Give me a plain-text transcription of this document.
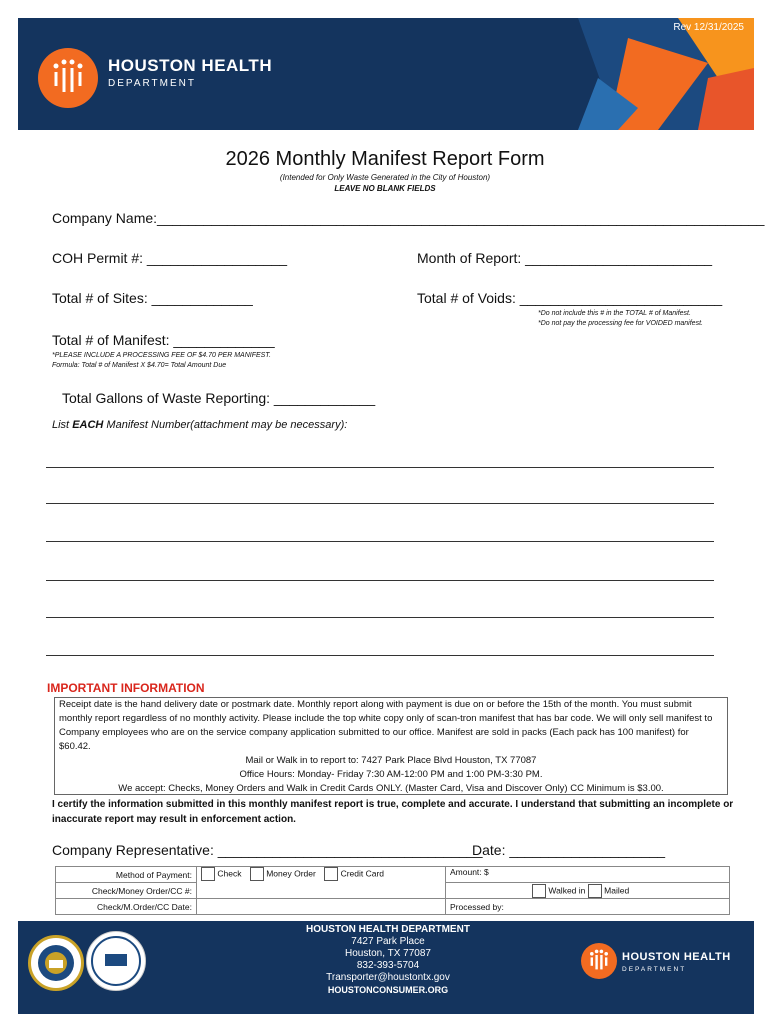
HOUSTON HEALTH
DEPARTMENT
Rev 12/31/2025
2026 Monthly Manifest Report Form
(Intended for Only Waste Generated in the City of Houston)
LEAVE NO BLANK FIELDS
Company Name:______________________________________________________________________________
COH Permit #: __________________	Month of Report: ________________________
Total # of Sites: _____________	Total # of Voids: __________________________
*Do not include this # in the TOTAL # of Manifest.
*Do not pay the processing fee for VOIDED manifest.
Total # of Manifest: _____________
*PLEASE INCLUDE A PROCESSING FEE OF $4.70 PER MANIFEST.
Formula: Total # of Manifest X $4.70= Total Amount Due
Total Gallons of Waste Reporting: _____________
List EACH Manifest Number(attachment may be necessary):
IMPORTANT INFORMATION
Receipt date is the hand delivery date or postmark date. Monthly report along with payment is due on or before the 15th of the month. You must submit monthly report regardless of no monthly activity. Please include the top white copy only of scan-tron manifest that has bar code. We will only sell manifest to Company employees who are on the service company application submitted to our office. Manifest are sold in packs (Each pack has 100 manifest) for $60.42.
Mail or Walk in to report to: 7427 Park Place Blvd Houston, TX 77087
Office Hours: Monday- Friday 7:30 AM-12:00 PM and 1:00 PM-3:30 PM.
We accept: Checks, Money Orders and Walk in Credit Cards ONLY. (Master Card, Visa and Discover Only) CC Minimum is $3.00.
I certify the information submitted in this monthly manifest report is true, complete and accurate. I understand that submitting an incomplete or inaccurate report may result in enforcement action.
Company Representative: __________________________________
Date: ____________________
Method of Payment:	Check Money Order Credit Card	Amount: $
Check/Money Order/CC #:		Walked in Mailed
Check/M.Order/CC Date:		Processed by:
HOUSTON HEALTH DEPARTMENT
7427 Park Place
Houston, TX 77087
832-393-5704
Transporter@houstontx.gov
HOUSTONCONSUMER.ORG
HOUSTON HEALTH
DEPARTMENT
